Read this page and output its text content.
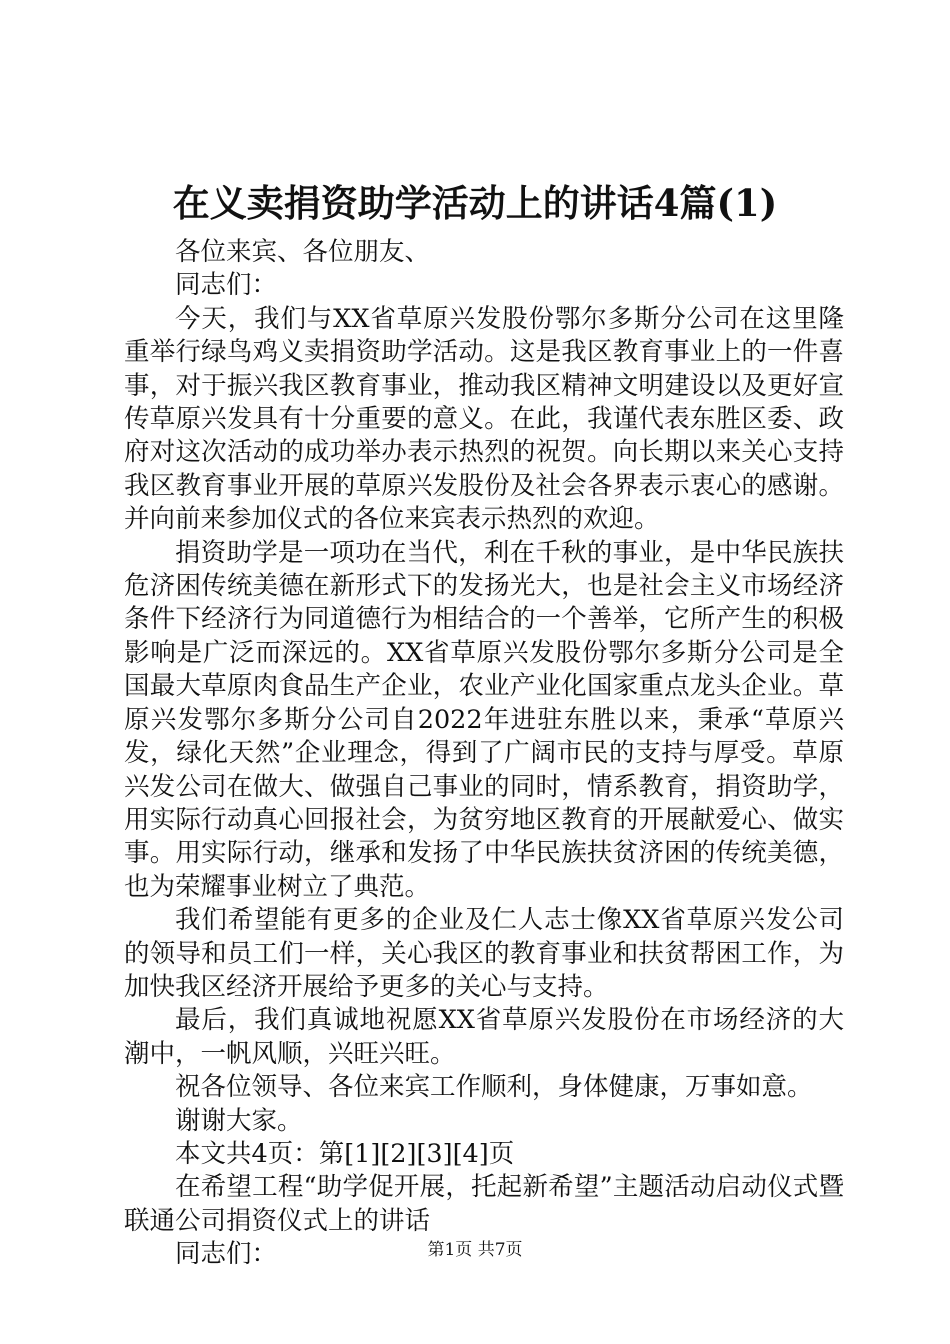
在义卖捐资助学活动上的讲话4篇(1)

各位来宾、各位朋友、

同志们：

今天，我们与XX省草原兴发股份鄂尔多斯分公司在这里隆重举行绿鸟鸡义卖捐资助学活动。这是我区教育事业上的一件喜事，对于振兴我区教育事业，推动我区精神文明建设以及更好宣传草原兴发具有十分重要的意义。在此，我谨代表东胜区委、政府对这次活动的成功举办表示热烈的祝贺。向长期以来关心支持我区教育事业开展的草原兴发股份及社会各界表示衷心的感谢。并向前来参加仪式的各位来宾表示热烈的欢迎。

捐资助学是一项功在当代，利在千秋的事业，是中华民族扶危济困传统美德在新形式下的发扬光大，也是社会主义市场经济条件下经济行为同道德行为相结合的一个善举，它所产生的积极影响是广泛而深远的。XX省草原兴发股份鄂尔多斯分公司是全国最大草原肉食品生产企业，农业产业化国家重点龙头企业。草原兴发鄂尔多斯分公司自2022年进驻东胜以来，秉承“草原兴发，绿化天然”企业理念，得到了广阔市民的支持与厚受。草原兴发公司在做大、做强自己事业的同时，情系教育，捐资助学，用实际行动真心回报社会，为贫穷地区教育的开展献爱心、做实事。用实际行动，继承和发扬了中华民族扶贫济困的传统美德，也为荣耀事业树立了典范。

我们希望能有更多的企业及仁人志士像XX省草原兴发公司的领导和员工们一样，关心我区的教育事业和扶贫帮困工作，为加快我区经济开展给予更多的关心与支持。

最后，我们真诚地祝愿XX省草原兴发股份在市场经济的大潮中，一帆风顺，兴旺兴旺。

祝各位领导、各位来宾工作顺利，身体健康，万事如意。

谢谢大家。

本文共4页：第[1][2][3][4]页

在希望工程“助学促开展，托起新希望”主题活动启动仪式暨联通公司捐资仪式上的讲话

同志们：	第1页 共7页
